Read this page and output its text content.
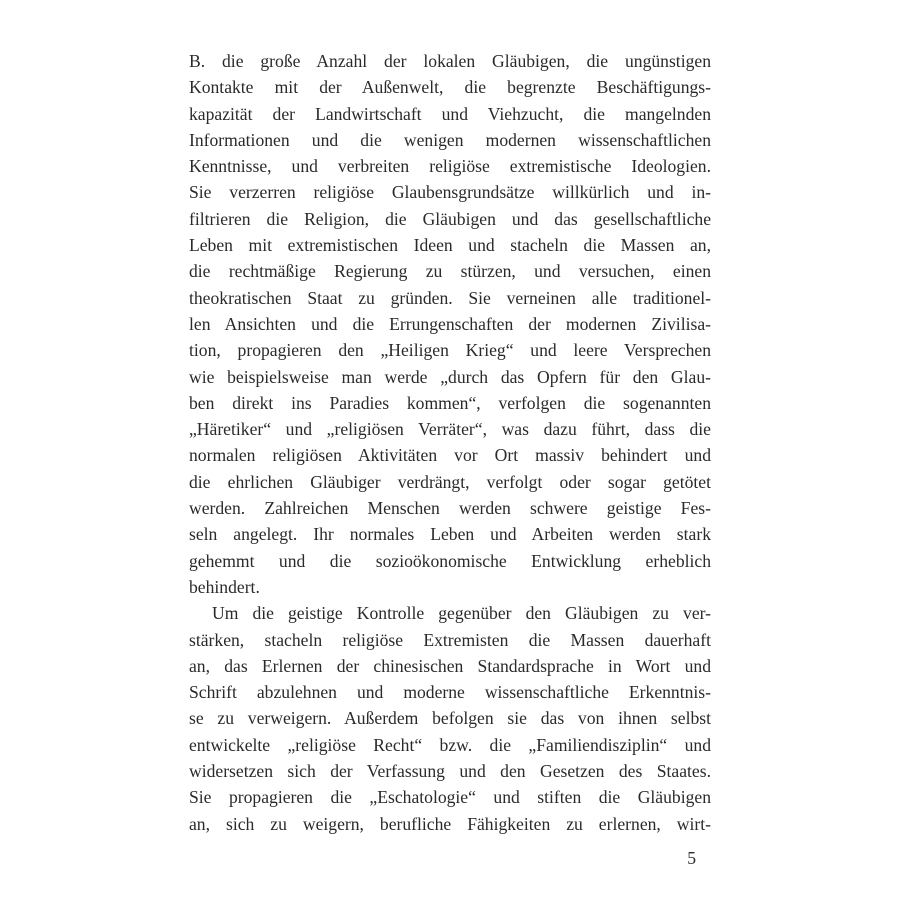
B. die große Anzahl der lokalen Gläubigen, die ungünstigen
Kontakte mit der Außenwelt, die begrenzte Beschäftigungs-
kapazität der Landwirtschaft und Viehzucht, die mangelnden
Informationen und die wenigen modernen wissenschaftlichen
Kenntnisse, und verbreiten religiöse extremistische Ideologien.
Sie verzerren religiöse Glaubensgrundsätze willkürlich und in-
filtrieren die Religion, die Gläubigen und das gesellschaftliche
Leben mit extremistischen Ideen und stacheln die Massen an,
die rechtmäßige Regierung zu stürzen, und versuchen, einen
theokratischen Staat zu gründen. Sie verneinen alle traditionel-
len Ansichten und die Errungenschaften der modernen Zivilisa-
tion, propagieren den „Heiligen Krieg“ und leere Versprechen
wie beispielsweise man werde „durch das Opfern für den Glau-
ben direkt ins Paradies kommen“, verfolgen die sogenannten
„Häretiker“ und „religiösen Verräter“, was dazu führt, dass die
normalen religiösen Aktivitäten vor Ort massiv behindert und
die ehrlichen Gläubiger verdrängt, verfolgt oder sogar getötet
werden. Zahlreichen Menschen werden schwere geistige Fes-
seln angelegt. Ihr normales Leben und Arbeiten werden stark
gehemmt und die sozioökonomische Entwicklung erheblich
behindert.
Um die geistige Kontrolle gegenüber den Gläubigen zu ver-
stärken, stacheln religiöse Extremisten die Massen dauerhaft
an, das Erlernen der chinesischen Standardsprache in Wort und
Schrift abzulehnen und moderne wissenschaftliche Erkenntnis-
se zu verweigern. Außerdem befolgen sie das von ihnen selbst
entwickelte „religiöse Recht“ bzw. die „Familiendisziplin“ und
widersetzen sich der Verfassung und den Gesetzen des Staates.
Sie propagieren die „Eschatologie“ und stiften die Gläubigen
an, sich zu weigern, berufliche Fähigkeiten zu erlernen, wirt-
5
